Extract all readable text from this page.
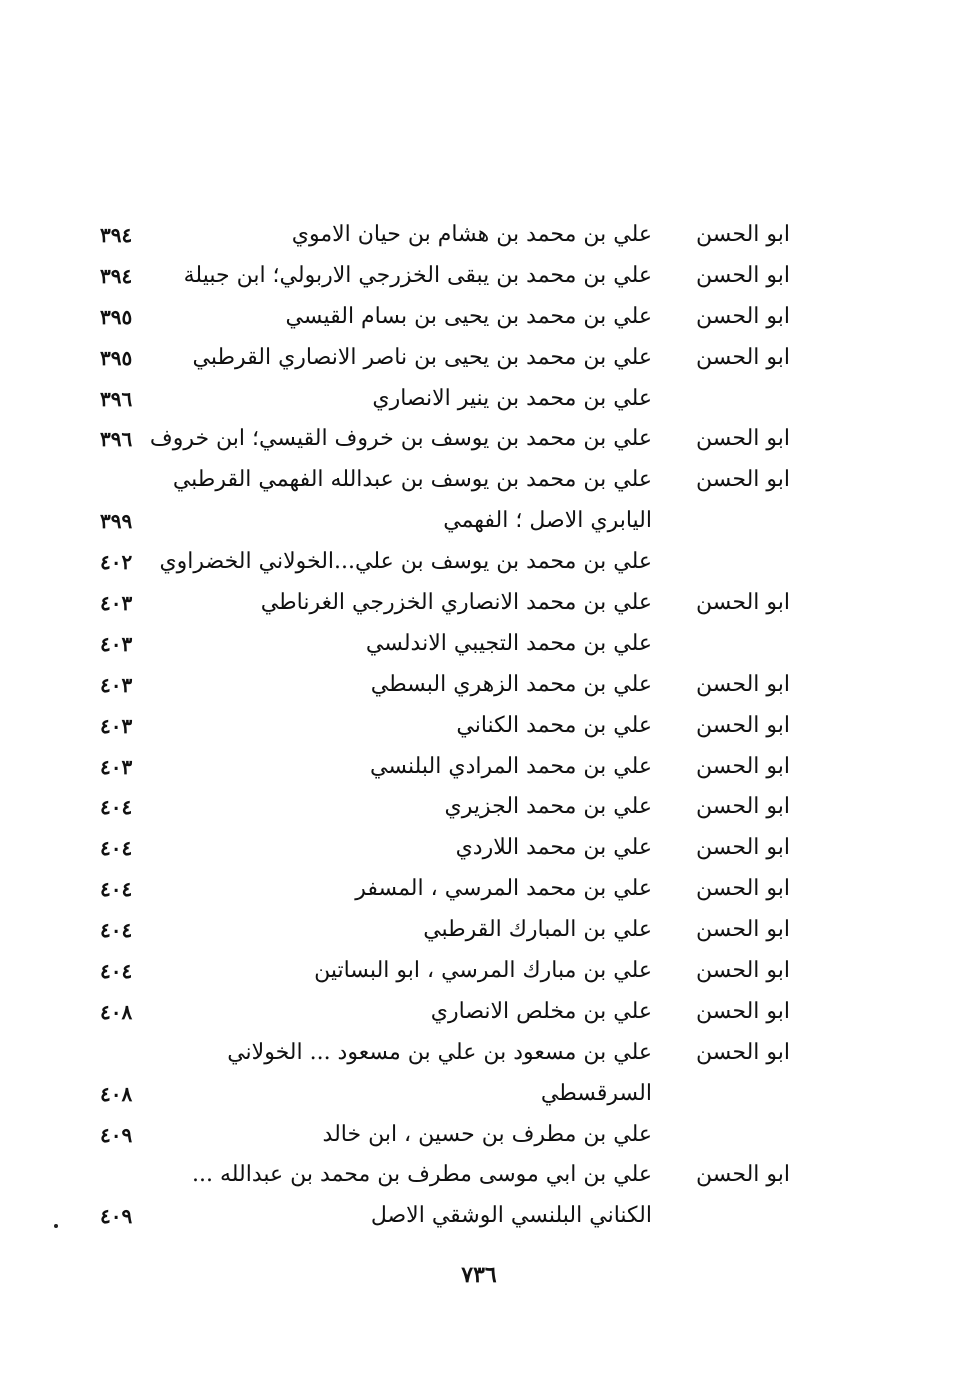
ابو الحسن
علي بن محمد بن هشام بن حيان الاموي
٣٩٤
ابو الحسن
علي بن محمد بن يبقى الخزرجي الاربولي؛ ابن جبيلة
٣٩٤
ابو الحسن
علي بن محمد بن يحيى بن بسام القيسي
٣٩٥
ابو الحسن
علي بن محمد بن يحيى بن ناصر الانصاري القرطبي
٣٩٥
علي بن محمد بن ينير الانصاري
٣٩٦
ابو الحسن
علي بن محمد بن يوسف بن خروف القيسي؛ ابن خروف
٣٩٦
ابو الحسن
علي بن محمد بن يوسف بن عبدالله الفهمي القرطبي
اليابري الاصل ؛ الفهمي
٣٩٩
علي بن محمد بن يوسف بن علي...الخولاني الخضراوي
٤٠٢
ابو الحسن
علي بن محمد الانصاري الخزرجي الغرناطي
٤٠٣
علي بن محمد التجيبي الاندلسي
٤٠٣
ابو الحسن
علي بن محمد الزهري البسطي
٤٠٣
ابو الحسن
علي بن محمد الكناني
٤٠٣
ابو الحسن
علي بن محمد المرادي البلنسي
٤٠٣
ابو الحسن
علي بن محمد الجزيري
٤٠٤
ابو الحسن
علي بن محمد اللاردي
٤٠٤
ابو الحسن
علي بن محمد المرسي ، المسفر
٤٠٤
ابو الحسن
علي بن المبارك القرطبي
٤٠٤
ابو الحسن
علي بن مبارك المرسي ، ابو البساتين
٤٠٤
ابو الحسن
علي بن مخلص الانصاري
٤٠٨
ابو الحسن
علي بن مسعود بن علي بن مسعود ... الخولاني
السرقسطي
٤٠٨
علي بن مطرف بن حسين ، ابن خالد
٤٠٩
ابو الحسن
علي بن ابي موسى مطرف بن محمد بن عبدالله ...
الكناني البلنسي الوشقي الاصل
٤٠٩
٧٣٦
